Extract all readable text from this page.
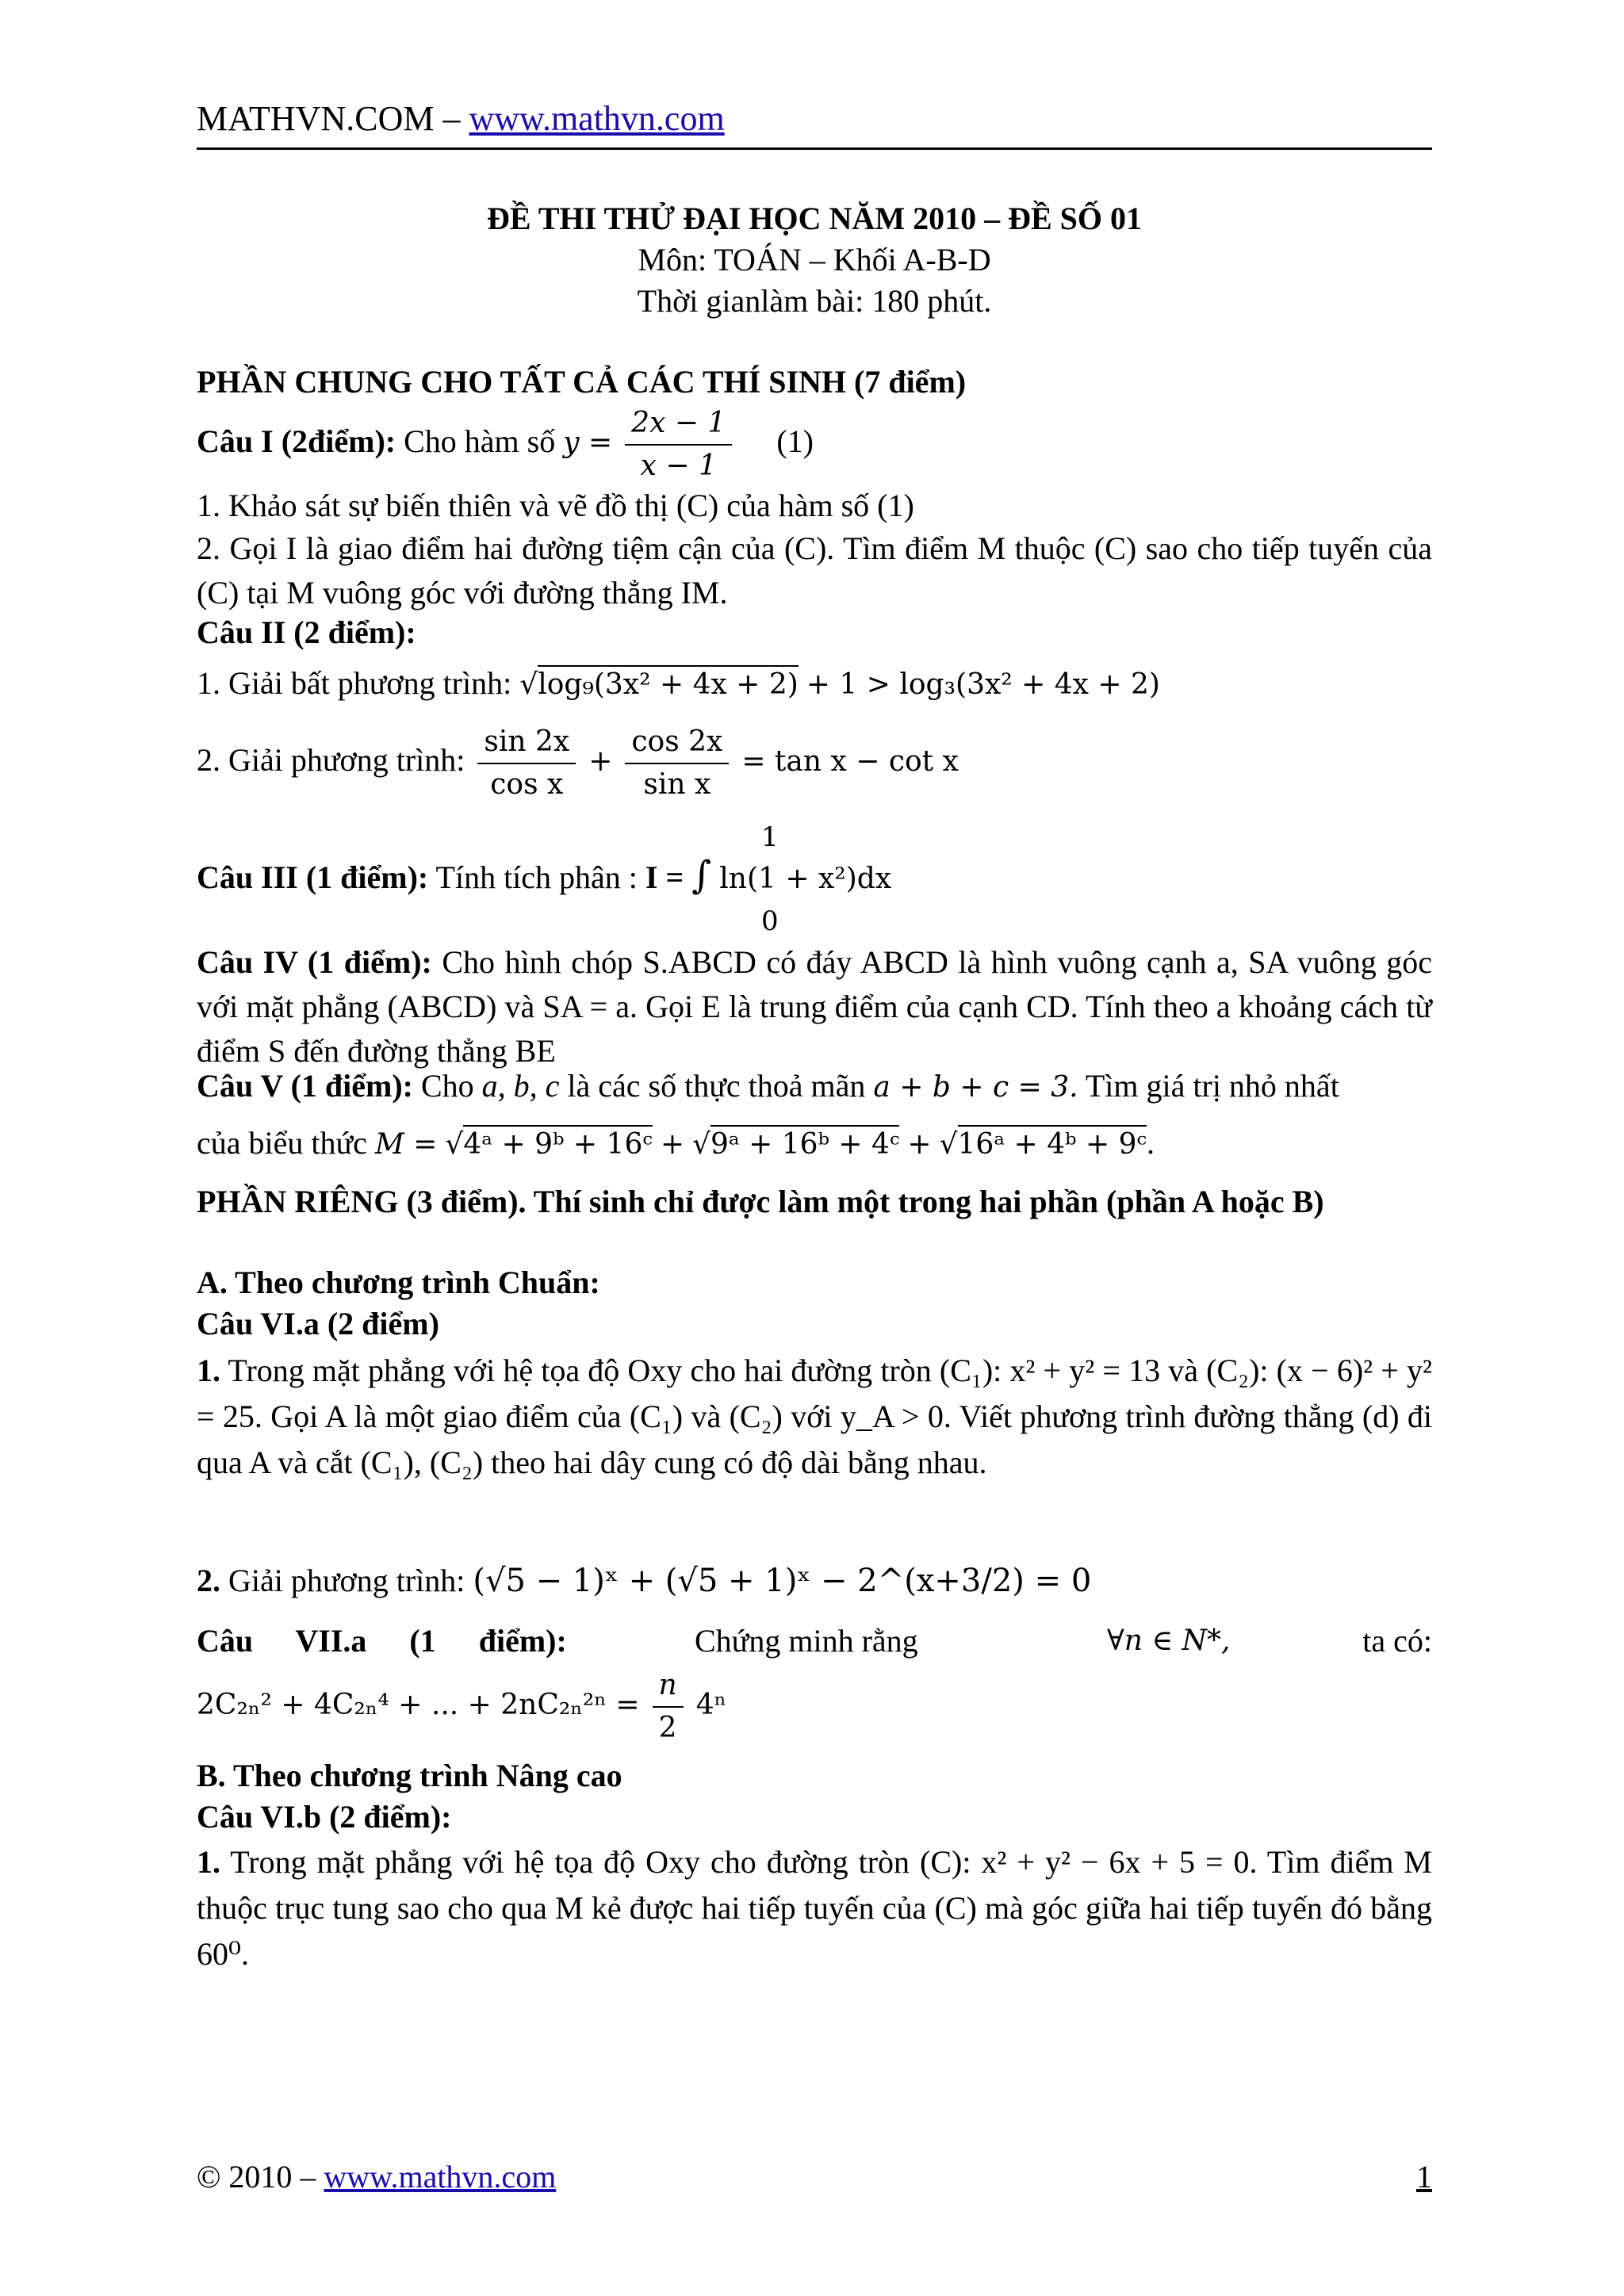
MATHVN.COM – www.mathvn.com
ĐỀ THI THỬ ĐẠI HỌC NĂM 2010 – ĐỀ SỐ 01
Môn: TOÁN – Khối A-B-D
Thời gianlàm bài: 180 phút.
PHẦN CHUNG CHO TẤT CẢ CÁC THÍ SINH (7 điểm)
Câu I (2điểm): Cho hàm số $y = \frac{2x - 1}{x - 1} (1)$
1. Khảo sát sự biến thiên và vẽ đồ thị (C) của hàm số (1)
2. Gọi I là giao điểm hai đường tiệm cận của (C). Tìm điểm M thuộc (C) sao cho tiếp tuyến của (C) tại M vuông góc với đường thẳng IM.
Câu II (2 điểm):
1. Giải bất phương trình: √log₉(3x² + 4x + 2) + 1 > log₃(3x² + 4x + 2)
2. Giải phương trình: $\frac{\sin 2x}{\text{cos x}} + \frac{\cos 2x}{\text{sin x}} = \tan x - \cot x$
1
Câu III (1 điểm): Tính tích phân : I = ∫ ln(1 + x²)dx
0
Câu IV (1 điểm): Cho hình chóp S.ABCD có đáy ABCD là hình vuông cạnh a, SA vuông góc với mặt phẳng (ABCD) và SA = a. Gọi E là trung điểm của cạnh CD. Tính theo a khoảng cách từ điểm S đến đường thẳng BE
Câu V (1 điểm): Cho a, b, c là các số thực thoả mãn a + b + c = 3. Tìm giá trị nhỏ nhất
của biểu thức M = √4ᵃ + 9ᵇ + 16ᶜ + √9ᵃ + 16ᵇ + 4ᶜ + √16ᵃ + 4ᵇ + 9ᶜ.
PHẦN RIÊNG (3 điểm). Thí sinh chỉ được làm một trong hai phần (phần A hoặc B)
A. Theo chương trình Chuẩn:
Câu VI.a (2 điểm)
1. Trong mặt phẳng với hệ tọa độ Oxy cho hai đường tròn (C₁): x² + y² = 13 và (C₂): (x − 6)² + y² = 25. Gọi A là một giao điểm của (C₁) và (C₂) với y_A > 0. Viết phương trình đường thẳng (d) đi qua A và cắt (C₁), (C₂) theo hai dây cung có độ dài bằng nhau.
2. Giải phương trình: (√5 − 1)ˣ + (√5 + 1)ˣ − 2^(x+3/2) = 0
Câu VII.a (1 điểm):	Chứng minh rằng	∀n ∈ N*,	ta có:
2C₂ₙ² + 4C₂ₙ⁴ + ... + $2nC_{2n}^{2n} = \frac{n}{2} 4^n$
B. Theo chương trình Nâng cao
Câu VI.b (2 điểm):
1. Trong mặt phẳng với hệ tọa độ Oxy cho đường tròn (C): x² + y² − 6x + 5 = 0. Tìm điểm M thuộc trục tung sao cho qua M kẻ được hai tiếp tuyến của (C) mà góc giữa hai tiếp tuyến đó bằng 60⁰.
© 2010 – www.mathvn.com	1
